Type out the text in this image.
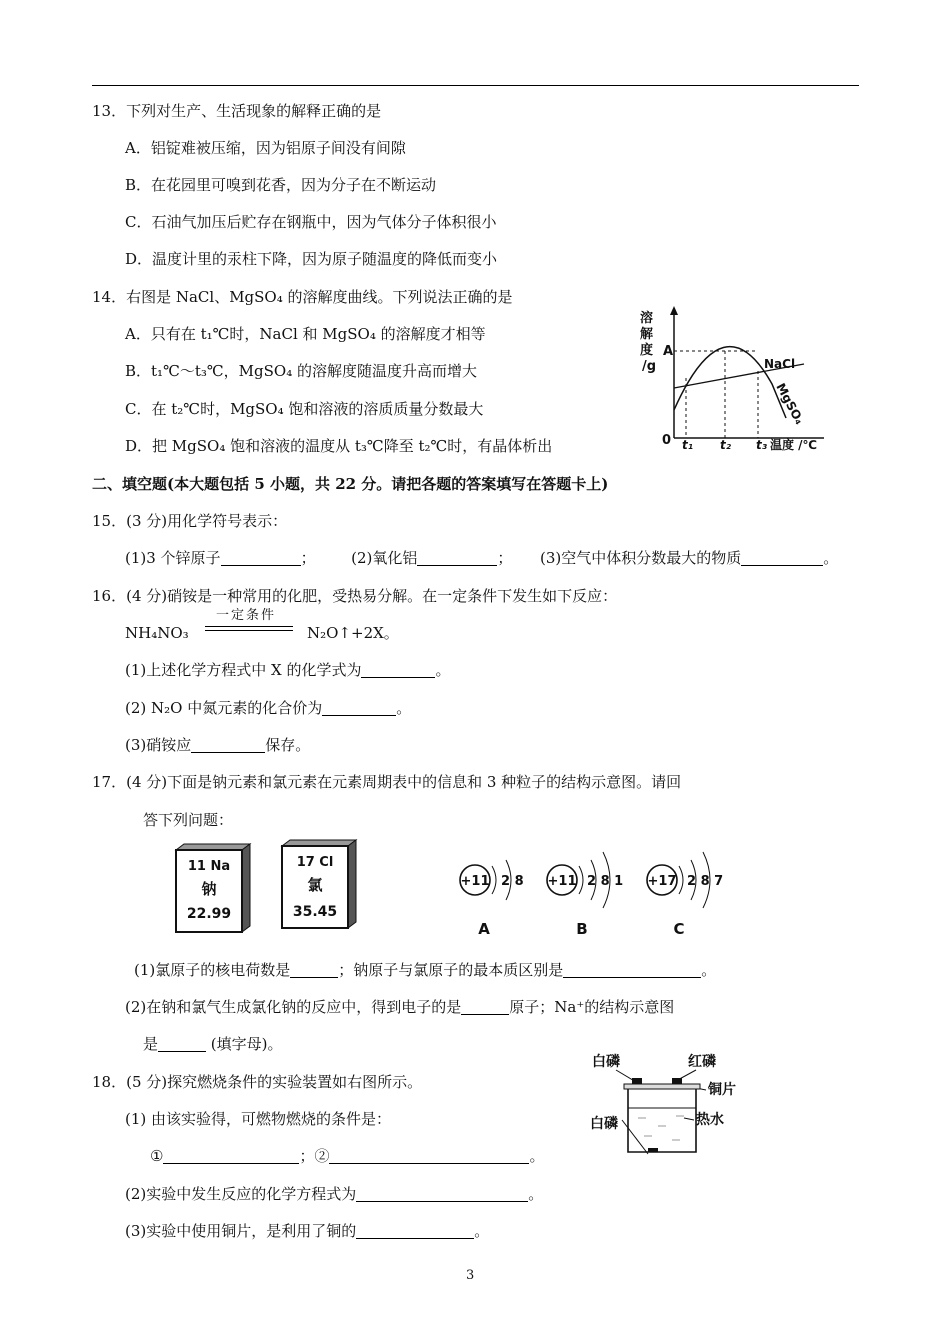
13．下列对生产、生活现象的解释正确的是
A．铝锭难被压缩，因为铝原子间没有间隙
B．在花园里可嗅到花香，因为分子在不断运动
C．石油气加压后贮存在钢瓶中，因为气体分子体积很小
D．温度计里的汞柱下降，因为原子随温度的降低而变小
14．右图是 NaCl、MgSO₄ 的溶解度曲线。下列说法正确的是
A．只有在 t₁℃时，NaCl 和 MgSO₄ 的溶解度才相等
B．t₁℃～t₃℃，MgSO₄ 的溶解度随温度升高而增大
C．在 t₂℃时，MgSO₄ 饱和溶液的溶质质量分数最大
D．把 MgSO₄ 饱和溶液的温度从 t₃℃降至 t₂℃时，有晶体析出
溶
解
度
/g
A
NaCl
MgSO₄
0 t₁ t₂ t₃ 温度 /℃
二、填空题(本大题包括 5 小题，共 22 分。请把各题的答案填写在答题卡上)
15．(3 分)用化学符号表示：
(1)3 个锌原子	； (2)氧化铝	； (3)空气中体积分数最大的物质	。
16．(4 分)硝铵是一种常用的化肥，受热易分解。在一定条件下发生如下反应：
NH₄NO₃
一定条件
N₂O↑+2X。
(1)上述化学方程式中 X 的化学式为	。
(2) N₂O 中氮元素的化合价为	。
(3)硝铵应	保存。
17．(4 分)下面是钠元素和氯元素在元素周期表中的信息和 3 种粒子的结构示意图。请回
答下列问题：
11 Na
钠
22.99
17 Cl
氯
35.45
+11 2 8
A
+11 2 8 1
B
+17 2 8 7
C
(1)氯原子的核电荷数是	；钠原子与氯原子的最本质区别是	。
(2)在钠和氯气生成氯化钠的反应中，得到电子的是	原子；Na⁺的结构示意图
是	(填字母)。
18．(5 分)探究燃烧条件的实验装置如右图所示。
白磷	红磷
铜片
白磷	热水
(1) 由该实验得，可燃物燃烧的条件是：
①	；②	。
(2)实验中发生反应的化学方程式为	。
(3)实验中使用铜片，是利用了铜的	。
3
